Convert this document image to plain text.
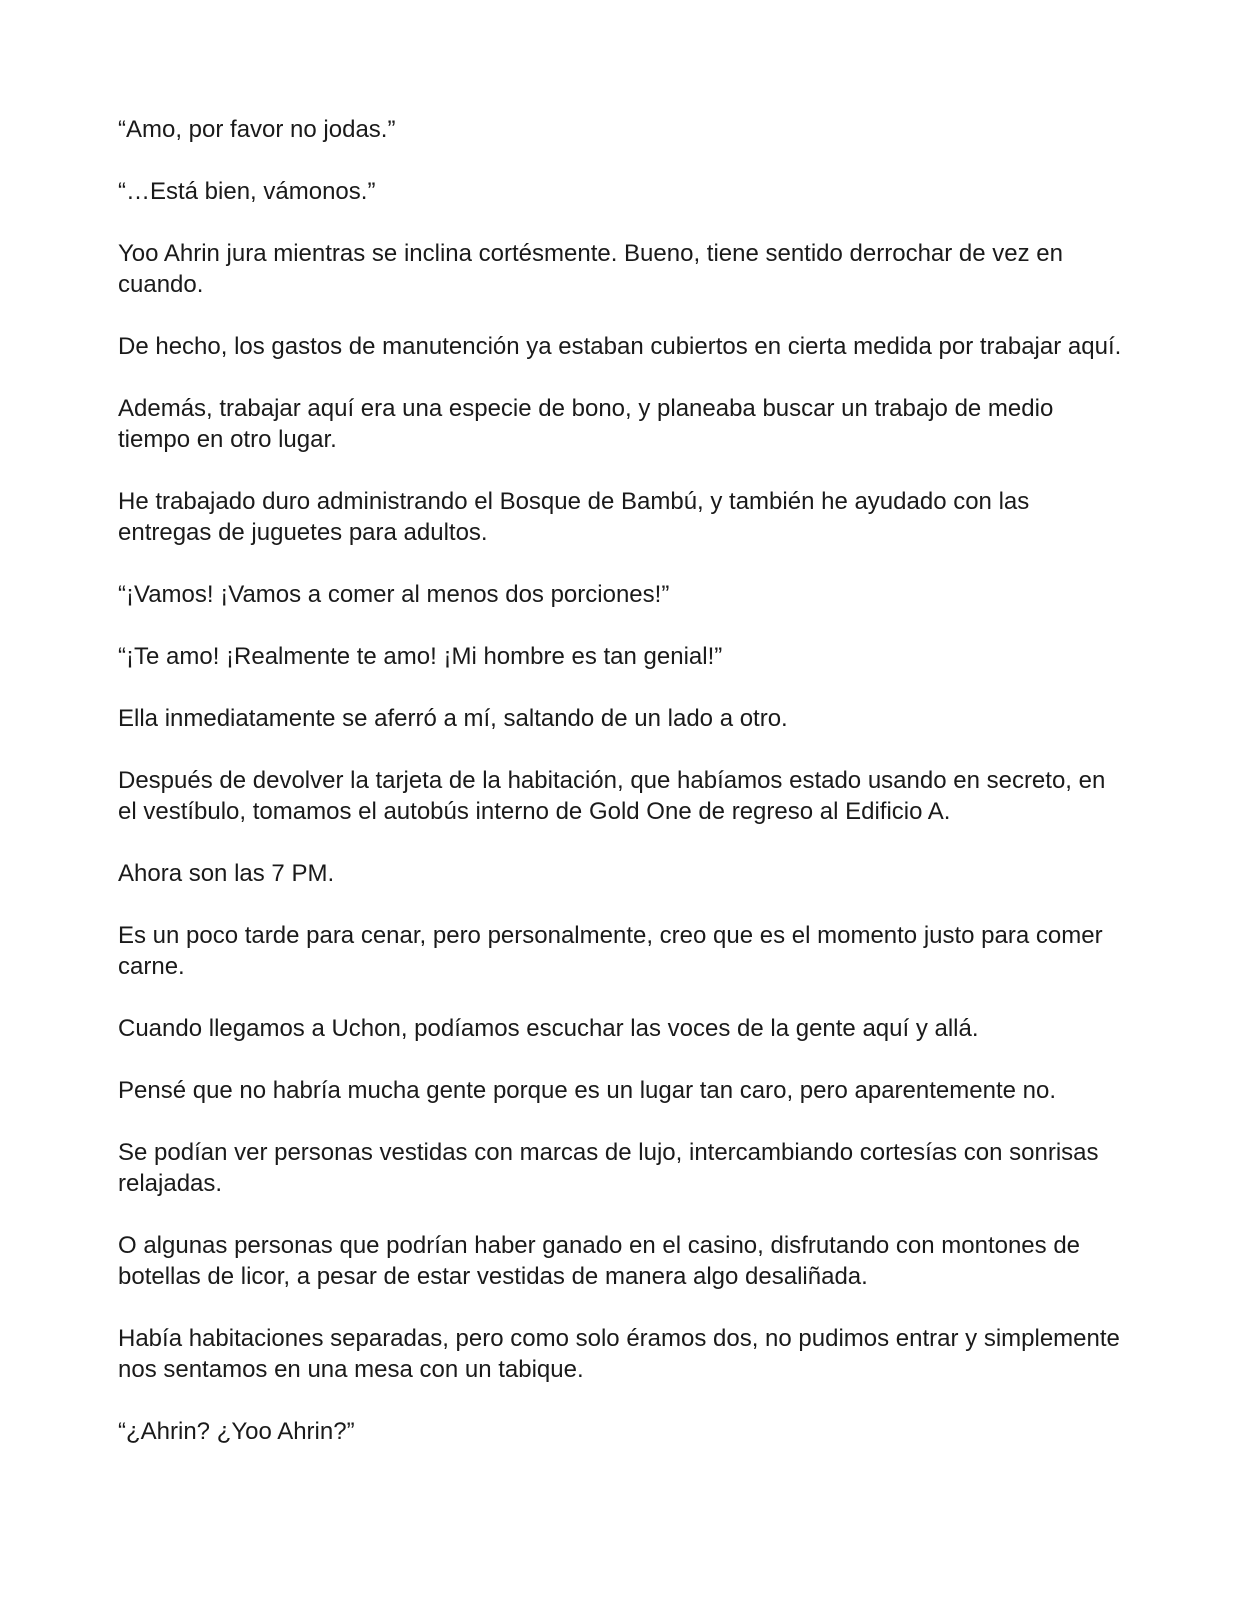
“Amo, por favor no jodas.”

“…Está bien, vámonos.”

Yoo Ahrin jura mientras se inclina cortésmente. Bueno, tiene sentido derrochar de vez en cuando.

De hecho, los gastos de manutención ya estaban cubiertos en cierta medida por trabajar aquí.

Además, trabajar aquí era una especie de bono, y planeaba buscar un trabajo de medio tiempo en otro lugar.

He trabajado duro administrando el Bosque de Bambú, y también he ayudado con las entregas de juguetes para adultos.

“¡Vamos! ¡Vamos a comer al menos dos porciones!”

“¡Te amo! ¡Realmente te amo! ¡Mi hombre es tan genial!”

Ella inmediatamente se aferró a mí, saltando de un lado a otro.

Después de devolver la tarjeta de la habitación, que habíamos estado usando en secreto, en el vestíbulo, tomamos el autobús interno de Gold One de regreso al Edificio A.

Ahora son las 7 PM.

Es un poco tarde para cenar, pero personalmente, creo que es el momento justo para comer carne.

Cuando llegamos a Uchon, podíamos escuchar las voces de la gente aquí y allá.

Pensé que no habría mucha gente porque es un lugar tan caro, pero aparentemente no.

Se podían ver personas vestidas con marcas de lujo, intercambiando cortesías con sonrisas relajadas.

O algunas personas que podrían haber ganado en el casino, disfrutando con montones de botellas de licor, a pesar de estar vestidas de manera algo desaliñada.

Había habitaciones separadas, pero como solo éramos dos, no pudimos entrar y simplemente nos sentamos en una mesa con un tabique.

“¿Ahrin? ¿Yoo Ahrin?”
